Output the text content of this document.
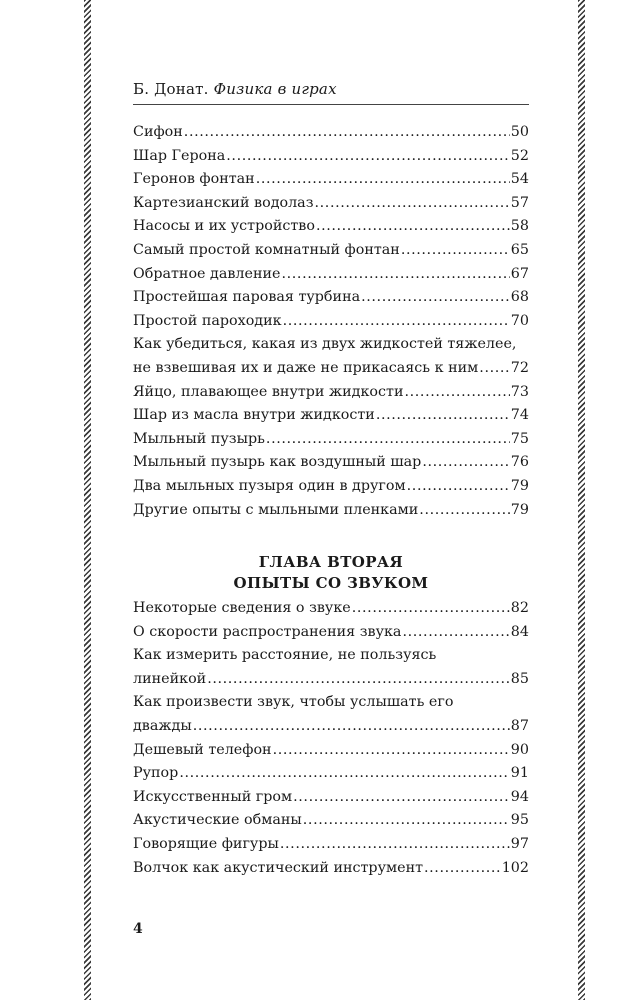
Б. Донат. Физика в играх
Сифон .....	50
Шар Герона .....	52
Геронов фонтан .....	54
Картезианский водолаз .....	57
Насосы и их устройство .....	58
Самый простой комнатный фонтан .....	65
Обратное давление .....	67
Простейшая паровая турбина .....	68
Простой пароходик .....	70
Как убедиться, какая из двух жидкостей тяжелее,
не взвешивая их и даже не прикасаясь к ним ..... 72
Яйцо, плавающее внутри жидкости .....	73
Шар из масла внутри жидкости .....	74
Мыльный пузырь .....	75
Мыльный пузырь как воздушный шар .....	76
Два мыльных пузыря один в другом .....	79
Другие опыты с мыльными пленками .....	79
ГЛАВА ВТОРАЯ
ОПЫТЫ СО ЗВУКОМ
Некоторые сведения о звуке .....	82
О скорости распространения звука .....	84
Как измерить расстояние, не пользуясь
линейкой .....	85
Как произвести звук, чтобы услышать его
дважды .....	87
Дешевый телефон .....	90
Рупор .....	91
Искусственный гром .....	94
Акустические обманы .....	95
Говорящие фигуры .....	97
Волчок как акустический инструмент .....	102
4
